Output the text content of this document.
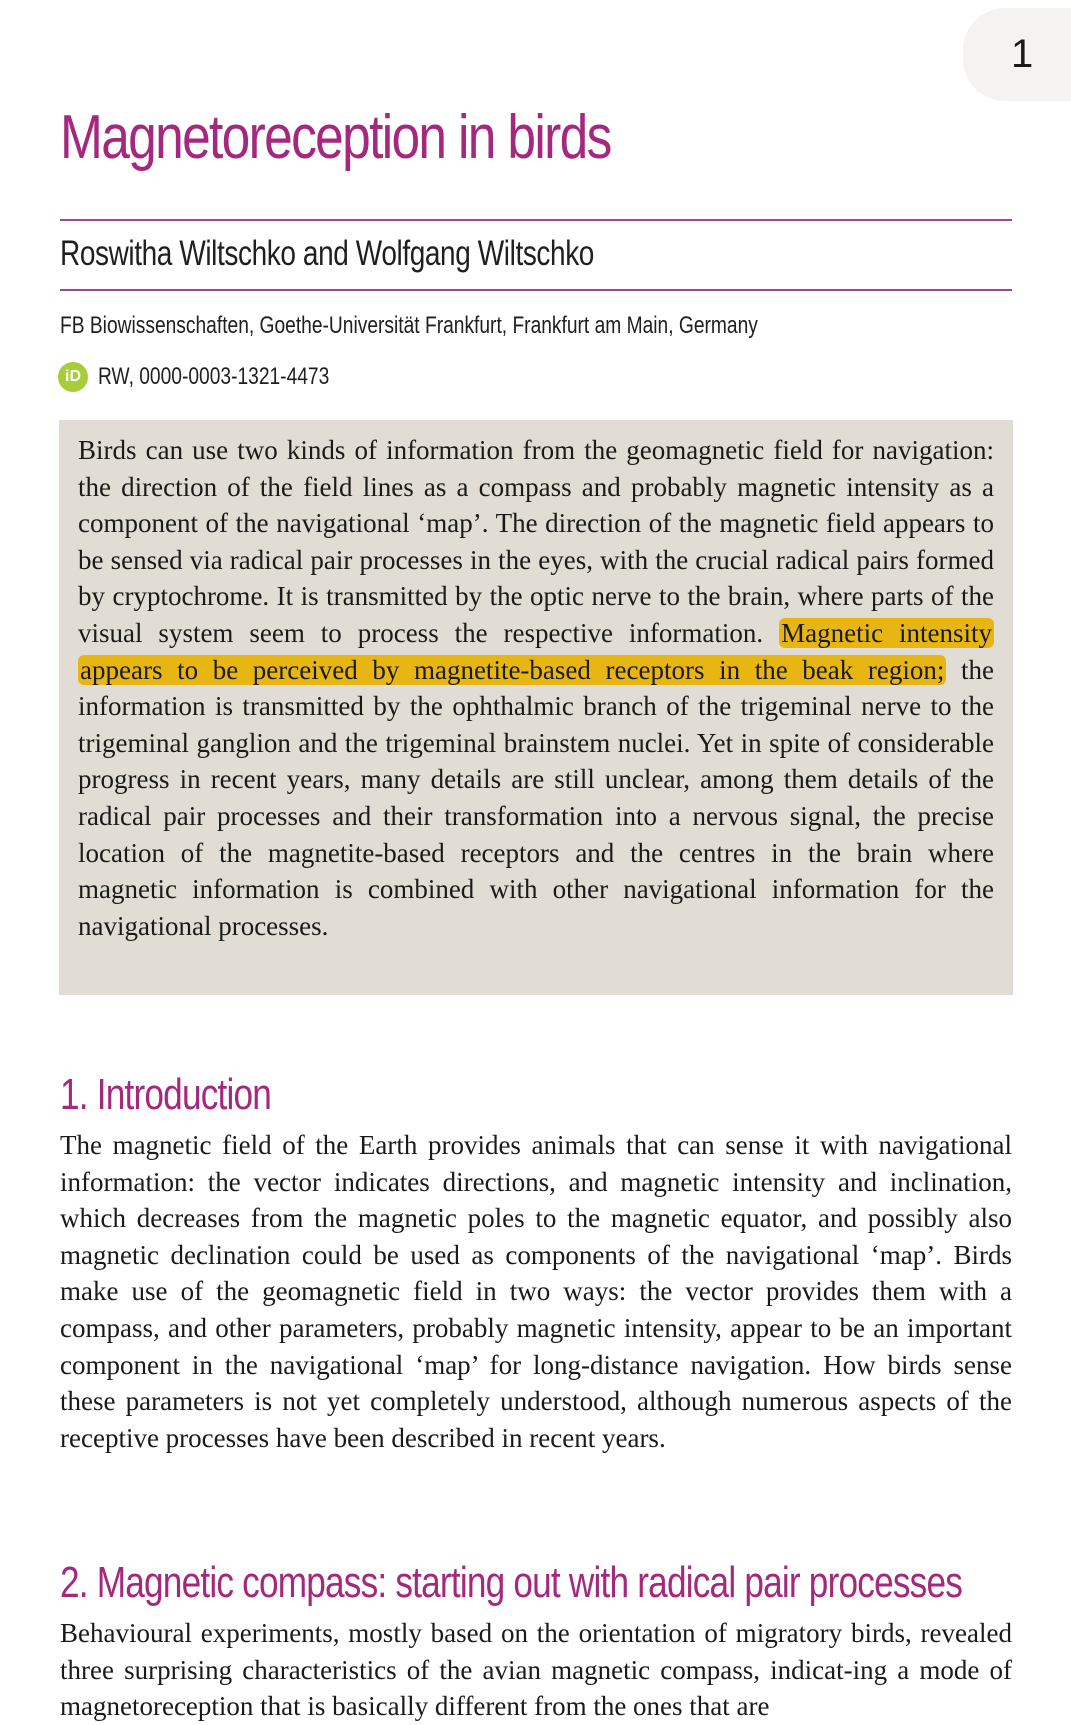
1
Magnetoreception in birds
Roswitha Wiltschko and Wolfgang Wiltschko
FB Biowissenschaften, Goethe-Universität Frankfurt, Frankfurt am Main, Germany
iD RW, 0000-0003-1321-4473

Birds can use two kinds of information from the geomagnetic field for navigation: the direction of the field lines as a compass and probably magnetic intensity as a component of the navigational ‘map’. The direction of the magnetic field appears to be sensed via radical pair processes in the eyes, with the crucial radical pairs formed by cryptochrome. It is transmitted by the optic nerve to the brain, where parts of the visual system seem to process the respective information. Magnetic intensity appears to be perceived by magnetite-based receptors in the beak region; the information is transmitted by the ophthalmic branch of the trigeminal nerve to the trigeminal ganglion and the trigeminal brainstem nuclei. Yet in spite of considerable progress in recent years, many details are still unclear, among them details of the radical pair processes and their transformation into a nervous signal, the precise location of the magnetite-based receptors and the centres in the brain where magnetic information is combined with other navigational information for the navigational processes.

1. Introduction

The magnetic field of the Earth provides animals that can sense it with navigational information: the vector indicates directions, and magnetic intensity and inclination, which decreases from the magnetic poles to the magnetic equator, and possibly also magnetic declination could be used as components of the navigational ‘map’. Birds make use of the geomagnetic field in two ways: the vector provides them with a compass, and other parameters, probably magnetic intensity, appear to be an important component in the navigational ‘map’ for long-distance navigation. How birds sense these parameters is not yet completely understood, although numerous aspects of the receptive processes have been described in recent years.

2. Magnetic compass: starting out with radical pair processes

Behavioural experiments, mostly based on the orientation of migratory birds, revealed three surprising characteristics of the avian magnetic compass, indicat-ing a mode of magnetoreception that is basically different from the ones that are
